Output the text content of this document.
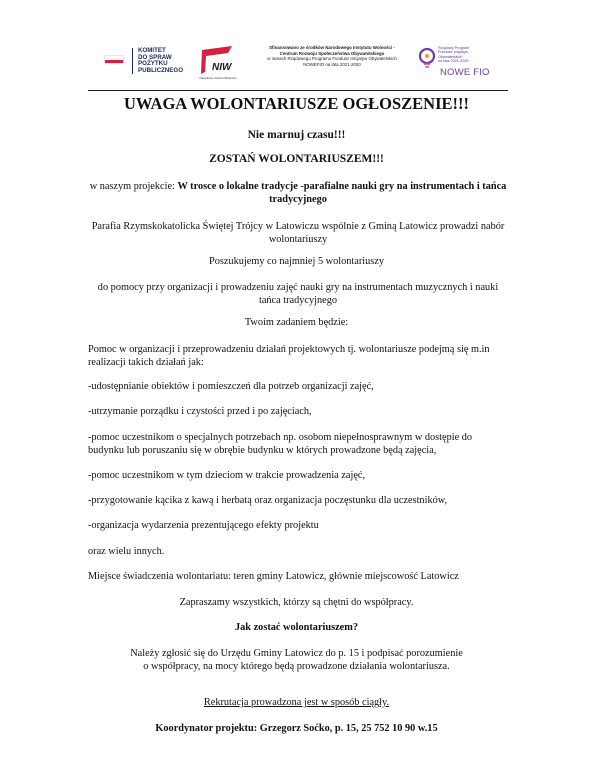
KOMITET
DO SPRAW
POŻYTKU
PUBLICZNEGO	NIW
Narodowy Instytut Wolności
Sfinansowano ze środków Narodowego Instytutu Wolności -
Centrum Rozwoju Społeczeństwa Obywatelskiego
w ramach Rządowego Programu Fundusz Inicjatyw Obywatelskich
NOWEFIO na lata 2021-2030
Rządowy Program
Fundusz Inicjatyw
Obywatelskich
na lata 2021-2030
NOWE FIO
UWAGA WOLONTARIUSZE OGŁOSZENIE!!!
Nie marnuj czasu!!!
ZOSTAŃ WOLONTARIUSZEM!!!
w naszym projekcie: W trosce o lokalne tradycje -parafialne nauki gry na instrumentach i tańca tradycyjnego
Parafia Rzymskokatolicka Świętej Trójcy w Latowiczu wspólnie z Gminą Latowicz prowadzi nabór wolontariuszy
Poszukujemy co najmniej 5 wolontariuszy
do pomocy przy organizacji i prowadzeniu zajęć nauki gry na instrumentach muzycznych i nauki tańca tradycyjnego
Twoim zadaniem będzie:
Pomoc w organizacji i przeprowadzeniu działań projektowych tj. wolontariusze podejmą się m.in realizacji takich działań jak:
-udostępnianie obiektów i pomieszczeń dla potrzeb organizacji zajęć,
-utrzymanie porządku i czystości przed i po zajęciach,
-pomoc uczestnikom o specjalnych potrzebach np. osobom niepełnosprawnym w dostępie do budynku lub poruszaniu się w obrębie budynku w których prowadzone będą zajęcia,
-pomoc uczestnikom w tym dzieciom w trakcie prowadzenia zajęć,
-przygotowanie kącika z kawą i herbatą oraz organizacja poczęstunku dla uczestników,
-organizacja wydarzenia prezentującego efekty projektu
oraz wielu innych.
Miejsce świadczenia wolontariatu: teren gminy Latowicz, głównie miejscowość Latowicz
Zapraszamy wszystkich, którzy są chętni do współpracy.
Jak zostać wolontariuszem?
Należy zgłosić się do Urzędu Gminy Latowicz do p. 15 i podpisać porozumienie
o współpracy, na mocy którego będą prowadzone działania wolontariusza.
Rekrutacja prowadzona jest w sposób ciągły.
Koordynator projektu: Grzegorz Soćko, p. 15, 25 752 10 90 w.15
